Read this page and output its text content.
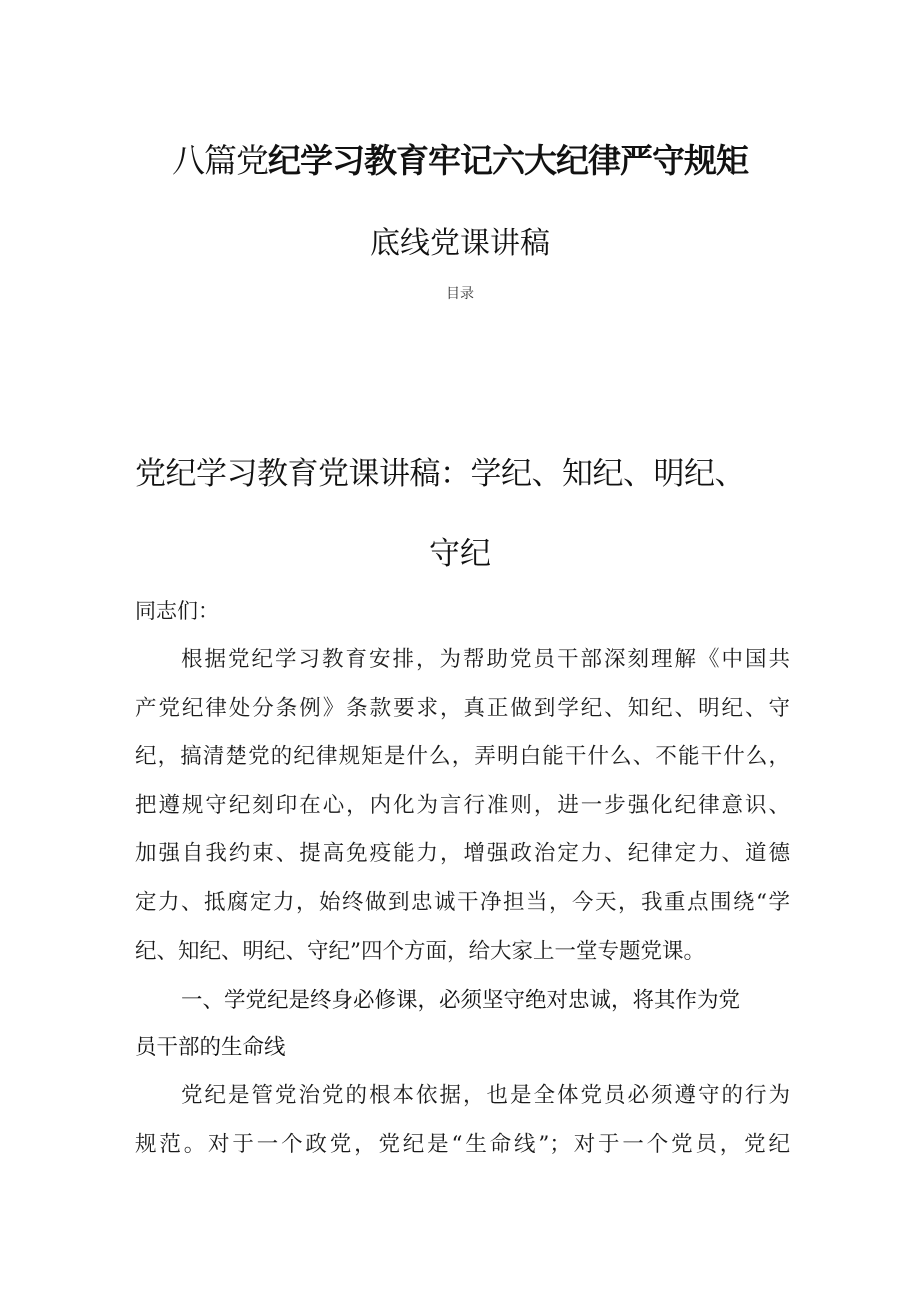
八篇党纪学习教育牢记六大纪律严守规矩
底线党课讲稿
目录
党纪学习教育党课讲稿：学纪、知纪、明纪、
守纪
同志们：
根据党纪学习教育安排，为帮助党员干部深刻理解《中国共
产党纪律处分条例》条款要求，真正做到学纪、知纪、明纪、守
纪，搞清楚党的纪律规矩是什么，弄明白能干什么、不能干什么，
把遵规守纪刻印在心，内化为言行准则，进一步强化纪律意识、
加强自我约束、提高免疫能力，增强政治定力、纪律定力、道德
定力、抵腐定力，始终做到忠诚干净担当，今天，我重点围绕“学
纪、知纪、明纪、守纪”四个方面，给大家上一堂专题党课。
一、学党纪是终身必修课，必须坚守绝对忠诚，将其作为党
员干部的生命线
党纪是管党治党的根本依据，也是全体党员必须遵守的行为
规范。对于一个政党，党纪是“生命线”；对于一个党员，党纪
